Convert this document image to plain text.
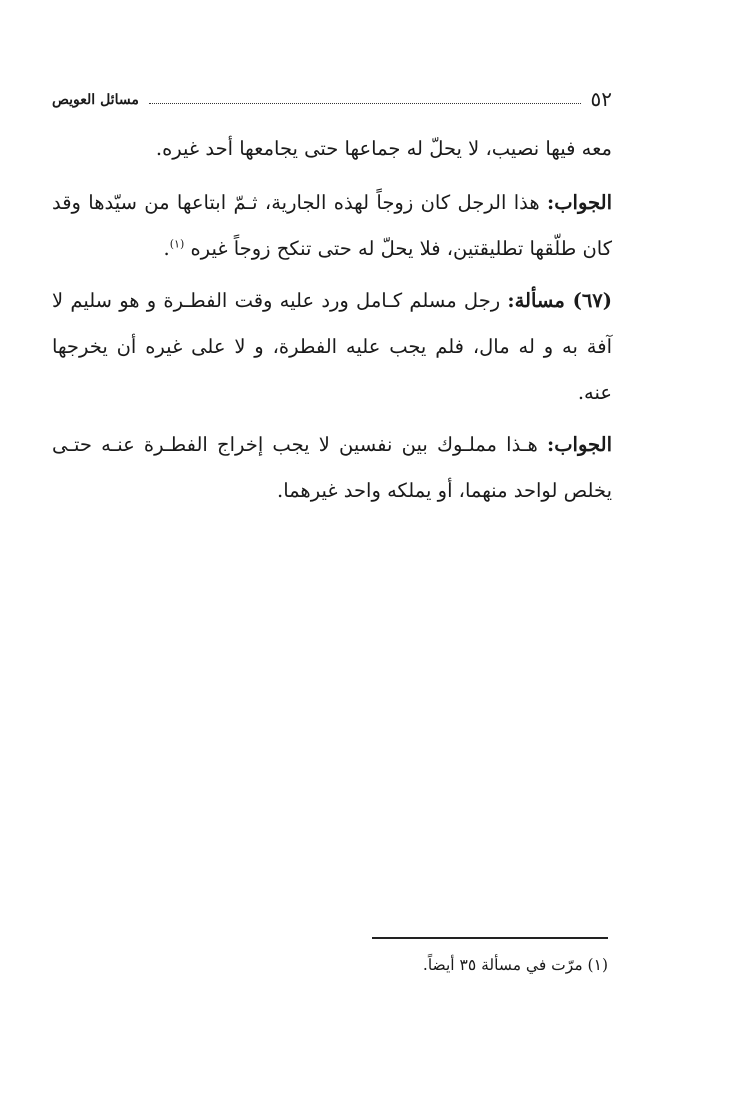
٥٢
مسائل العويص

معه فيها نصيب، لا يحلّ له جماعها حتى يجامعها أحد غيره.

الجواب: هذا الرجل كان زوجاً لهذه الجارية، ثـمّ ابتاعها من سيّدها وقد كان طلّقها تطليقتين، فلا يحلّ له حتى تنكح زوجاً غيره $^{(١)}$.

(٦٧) مسألة: رجل مسلم كـامل ورد عليه وقت الفطـرة و هو سليم لا آفة به و له مال، فلم يجب عليه الفطرة، و لا على غيره أن يخرجها عنه.

الجواب: هـذا مملـوك بين نفسين لا يجب إخراج الفطـرة عنـه حتـى يخلص لواحد منهما، أو يملكه واحد غيرهما.

(١) مرّت في مسألة ٣٥ أيضاً.
